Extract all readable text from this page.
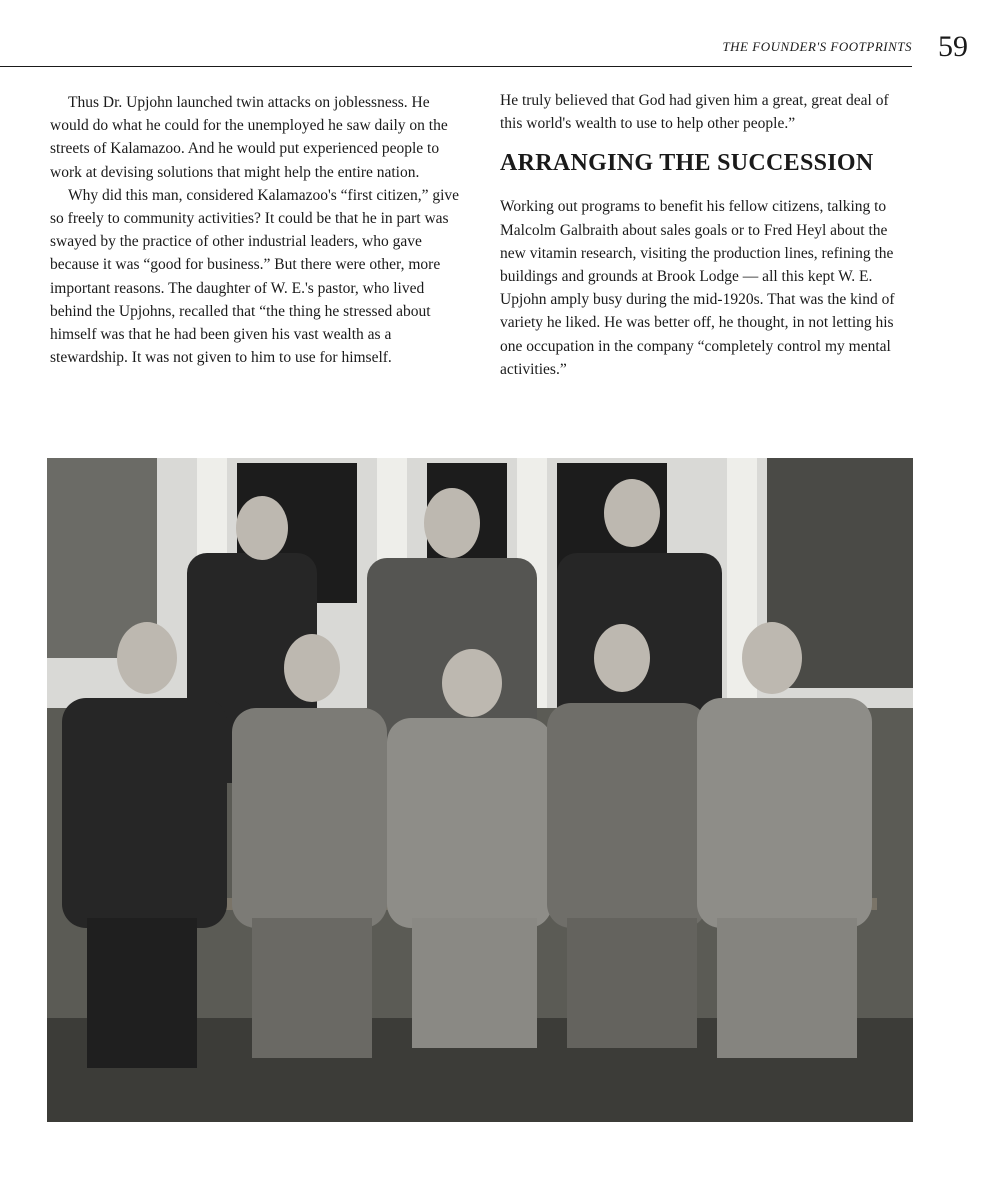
THE FOUNDER'S FOOTPRINTS 59

Thus Dr. Upjohn launched twin attacks on joblessness. He would do what he could for the unemployed he saw daily on the streets of Kalamazoo. And he would put experienced people to work at devising solutions that might help the entire nation.

Why did this man, considered Kalamazoo's “first citizen,” give so freely to community activities? It could be that he in part was swayed by the practice of other industrial leaders, who gave because it was “good for business.” But there were other, more important reasons. The daughter of W. E.'s pastor, who lived behind the Upjohns, recalled that “the thing he stressed about himself was that he had been given his vast wealth as a stewardship. It was not given to him to use for himself.

He truly believed that God had given him a great, great deal of this world's wealth to use to help other people.”

ARRANGING THE SUCCESSION

Working out programs to benefit his fellow citizens, talking to Malcolm Galbraith about sales goals or to Fred Heyl about the new vitamin research, visiting the production lines, refining the buildings and grounds at Brook Lodge — all this kept W. E. Upjohn amply busy during the mid-1920s. That was the kind of variety he liked. He was better off, he thought, in not letting his one occupation in the company “completely control my mental activities.”
